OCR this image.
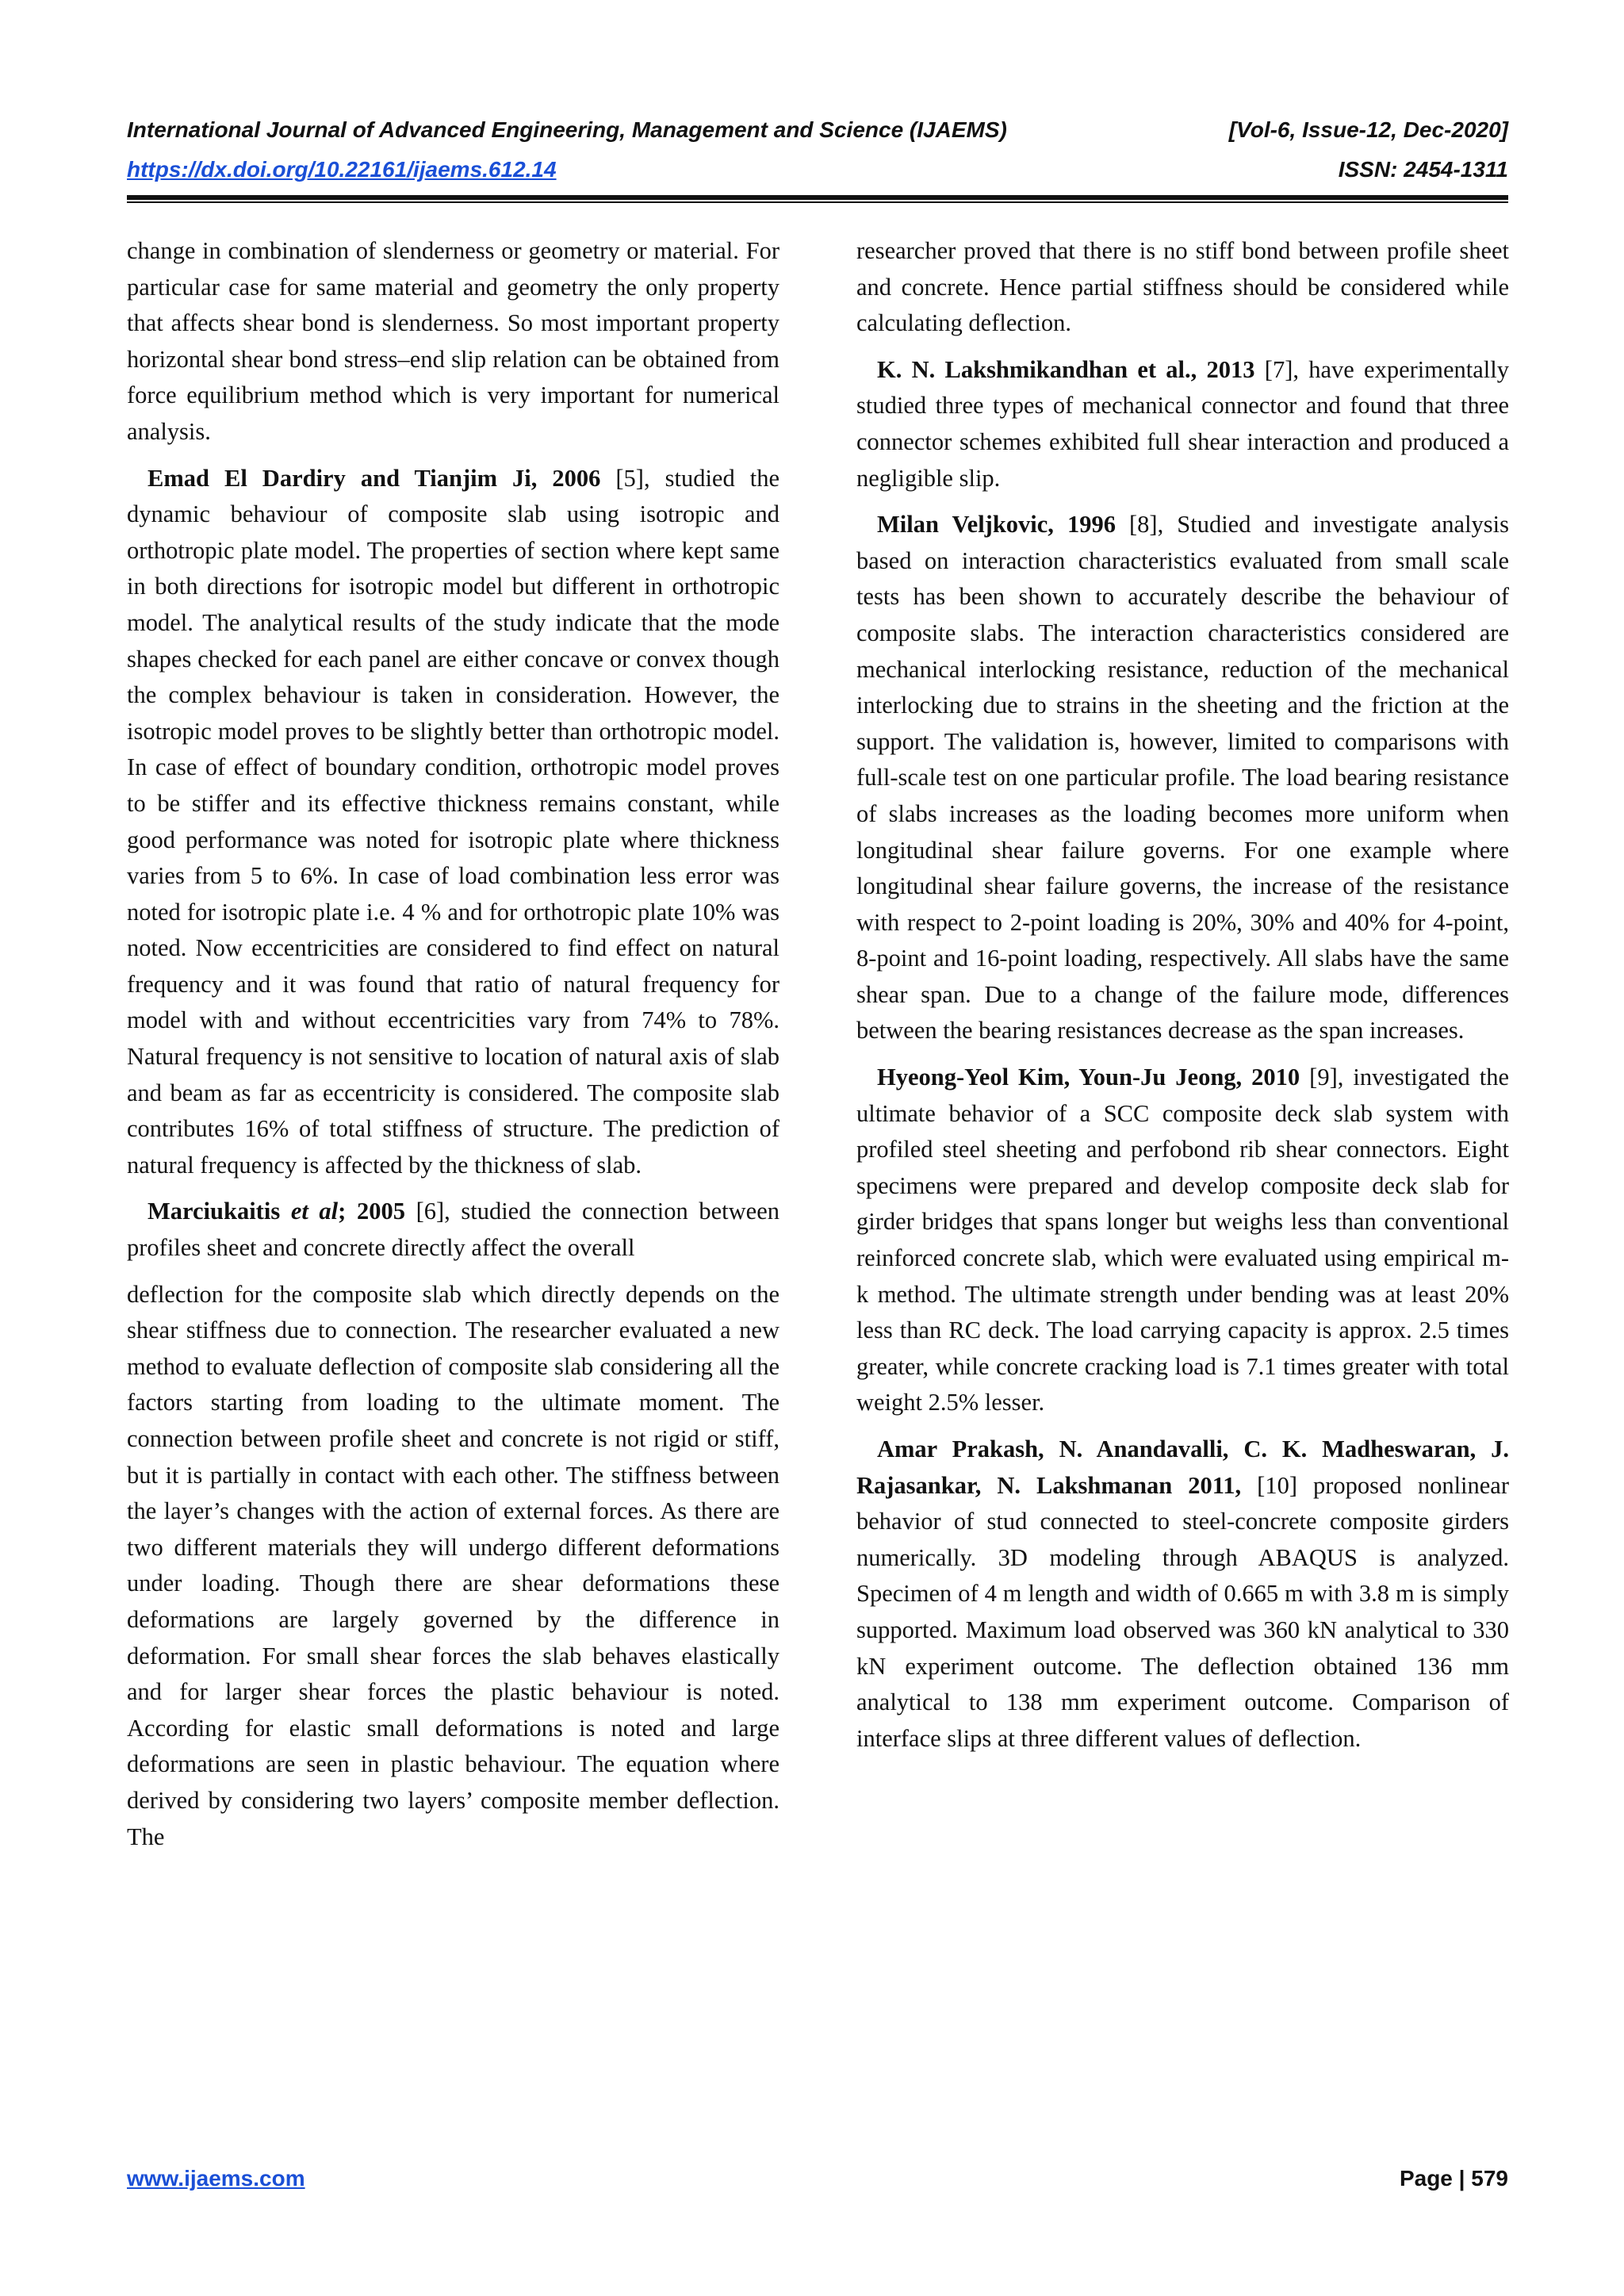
International Journal of Advanced Engineering, Management and Science (IJAEMS)	[Vol-6, Issue-12, Dec-2020]
https://dx.doi.org/10.22161/ijaems.612.14	ISSN: 2454-1311

change in combination of slenderness or geometry or material. For particular case for same material and geometry the only property that affects shear bond is slenderness. So most important property horizontal shear bond stress–end slip relation can be obtained from force equilibrium method which is very important for numerical analysis.

Emad El Dardiry and Tianjim Ji, 2006 [5], studied the dynamic behaviour of composite slab using isotropic and orthotropic plate model. The properties of section where kept same in both directions for isotropic model but different in orthotropic model. The analytical results of the study indicate that the mode shapes checked for each panel are either concave or convex though the complex behaviour is taken in consideration. However, the isotropic model proves to be slightly better than orthotropic model. In case of effect of boundary condition, orthotropic model proves to be stiffer and its effective thickness remains constant, while good performance was noted for isotropic plate where thickness varies from 5 to 6%. In case of load combination less error was noted for isotropic plate i.e. 4 % and for orthotropic plate 10% was noted. Now eccentricities are considered to find effect on natural frequency and it was found that ratio of natural frequency for model with and without eccentricities vary from 74% to 78%. Natural frequency is not sensitive to location of natural axis of slab and beam as far as eccentricity is considered. The composite slab contributes 16% of total stiffness of structure. The prediction of natural frequency is affected by the thickness of slab.

Marciukaitis et al; 2005 [6], studied the connection between profiles sheet and concrete directly affect the overall

deflection for the composite slab which directly depends on the shear stiffness due to connection. The researcher evaluated a new method to evaluate deflection of composite slab considering all the factors starting from loading to the ultimate moment. The connection between profile sheet and concrete is not rigid or stiff, but it is partially in contact with each other. The stiffness between the layer’s changes with the action of external forces. As there are two different materials they will undergo different deformations under loading. Though there are shear deformations these deformations are largely governed by the difference in deformation. For small shear forces the slab behaves elastically and for larger shear forces the plastic behaviour is noted. According for elastic small deformations is noted and large deformations are seen in plastic behaviour. The equation where derived by considering two layers’ composite member deflection. The

researcher proved that there is no stiff bond between profile sheet and concrete. Hence partial stiffness should be considered while calculating deflection.

K. N. Lakshmikandhan et al., 2013 [7], have experimentally studied three types of mechanical connector and found that three connector schemes exhibited full shear interaction and produced a negligible slip.

Milan Veljkovic, 1996 [8], Studied and investigate analysis based on interaction characteristics evaluated from small scale tests has been shown to accurately describe the behaviour of composite slabs. The interaction characteristics considered are mechanical interlocking resistance, reduction of the mechanical interlocking due to strains in the sheeting and the friction at the support. The validation is, however, limited to comparisons with full-scale test on one particular profile. The load bearing resistance of slabs increases as the loading becomes more uniform when longitudinal shear failure governs. For one example where longitudinal shear failure governs, the increase of the resistance with respect to 2-point loading is 20%, 30% and 40% for 4-point, 8-point and 16-point loading, respectively. All slabs have the same shear span. Due to a change of the failure mode, differences between the bearing resistances decrease as the span increases.

Hyeong-Yeol Kim, Youn-Ju Jeong, 2010 [9], investigated the ultimate behavior of a SCC composite deck slab system with profiled steel sheeting and perfobond rib shear connectors. Eight specimens were prepared and develop composite deck slab for girder bridges that spans longer but weighs less than conventional reinforced concrete slab, which were evaluated using empirical m-k method. The ultimate strength under bending was at least 20% less than RC deck. The load carrying capacity is approx. 2.5 times greater, while concrete cracking load is 7.1 times greater with total weight 2.5% lesser.

Amar Prakash, N. Anandavalli, C. K. Madheswaran, J. Rajasankar, N. Lakshmanan 2011, [10] proposed nonlinear behavior of stud connected to steel-concrete composite girders numerically. 3D modeling through ABAQUS is analyzed. Specimen of 4 m length and width of 0.665 m with 3.8 m is simply supported. Maximum load observed was 360 kN analytical to 330 kN experiment outcome. The deflection obtained 136 mm analytical to 138 mm experiment outcome. Comparison of interface slips at three different values of deflection.

www.ijaems.com	Page | 579
